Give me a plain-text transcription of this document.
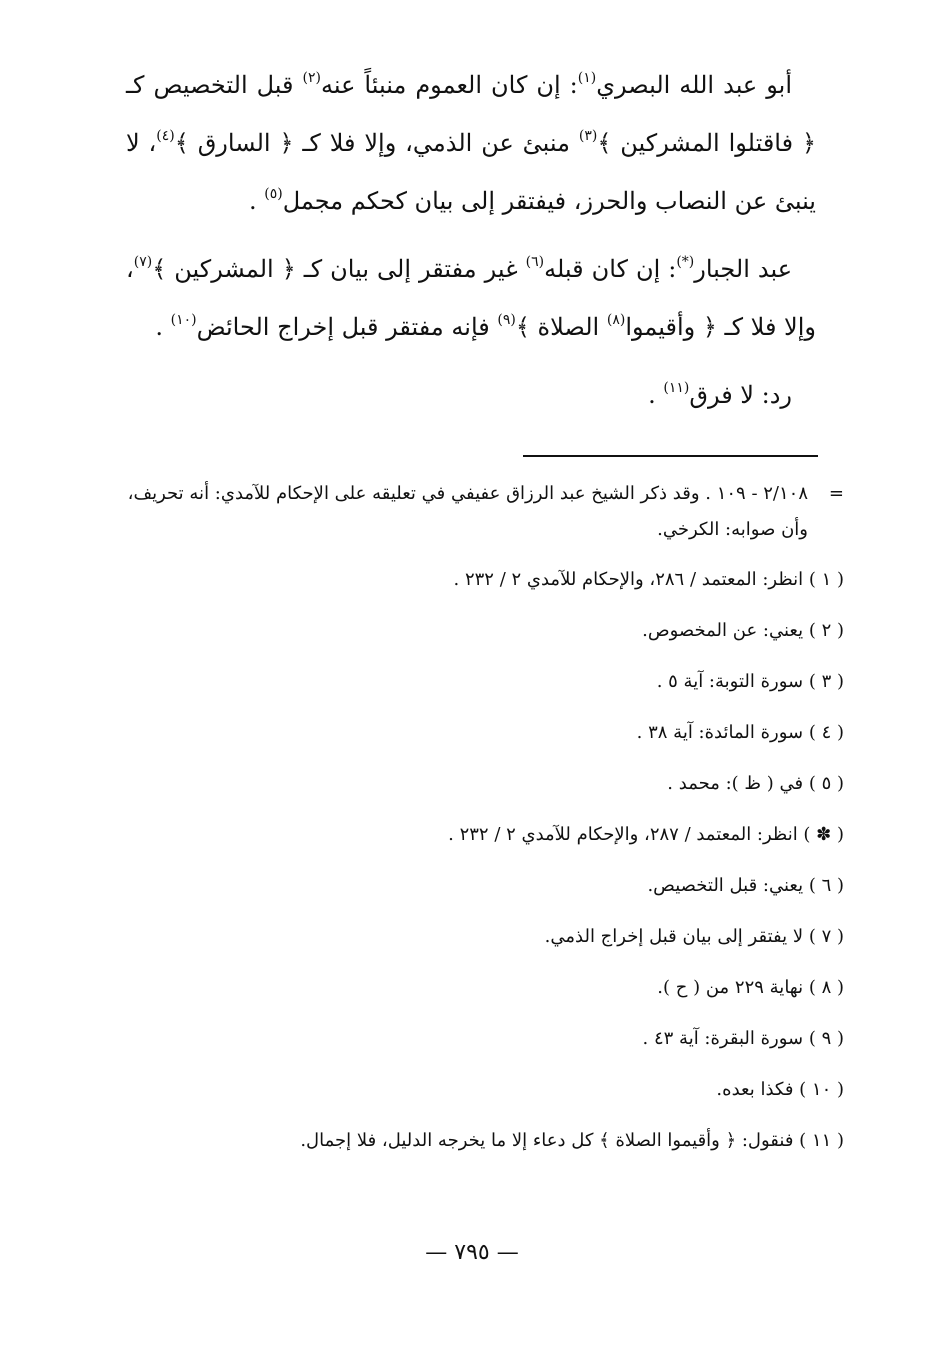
أبو عبد الله البصري$^{(١)}$: إن كان العموم منبئاً عنه$^{(٢)}$ قبل التخصيص كـ ﴿ فاقتلوا المشركين ﴾$^{(٣)}$ منبئ عن الذمي، وإلا فلا كـ ﴿ السارق ﴾$^{(٤)}$، لا ينبئ عن النصاب والحرز، فيفتقر إلى بيان كحكم مجمل$^{(٥)}$ .

عبد الجبار(*): إن كان قبله$^{(٦)}$ غير مفتقر إلى بيان كـ ﴿ المشركين ﴾$^{(٧)}$، وإلا فلا كـ ﴿ وأقيموا$^{(٨)}$ الصلاة ﴾$^{(٩)}$ فإنه مفتقر قبل إخراج الحائض$^{(١٠)}$ .

رد: لا فرق$^{(١١)}$ .

=
٢/١٠٨ - ١٠٩ . وقد ذكر الشيخ عبد الرزاق عفيفي في تعليقه على الإحكام للآمدي: أنه تحريف، وأن صوابه: الكرخي.
( ١ ) انظر: المعتمد / ٢٨٦، والإحكام للآمدي ٢ / ٢٣٢ .
( ٢ ) يعني: عن المخصوص.
( ٣ ) سورة التوبة: آية ٥ .
( ٤ ) سورة المائدة: آية ٣٨ .
( ٥ ) في ( ظ ): محمد .
( ✽ ) انظر: المعتمد / ٢٨٧، والإحكام للآمدي ٢ / ٢٣٢ .
( ٦ ) يعني: قبل التخصيص.
( ٧ ) لا يفتقر إلى بيان قبل إخراج الذمي.
( ٨ ) نهاية ٢٢٩ من ( ح ).
( ٩ ) سورة البقرة: آية ٤٣ .
( ١٠ ) فكذا بعده.
( ١١ ) فنقول: ﴿ وأقيموا الصلاة ﴾ كل دعاء إلا ما يخرجه الدليل، فلا إجمال.
— ٧٩٥ —
